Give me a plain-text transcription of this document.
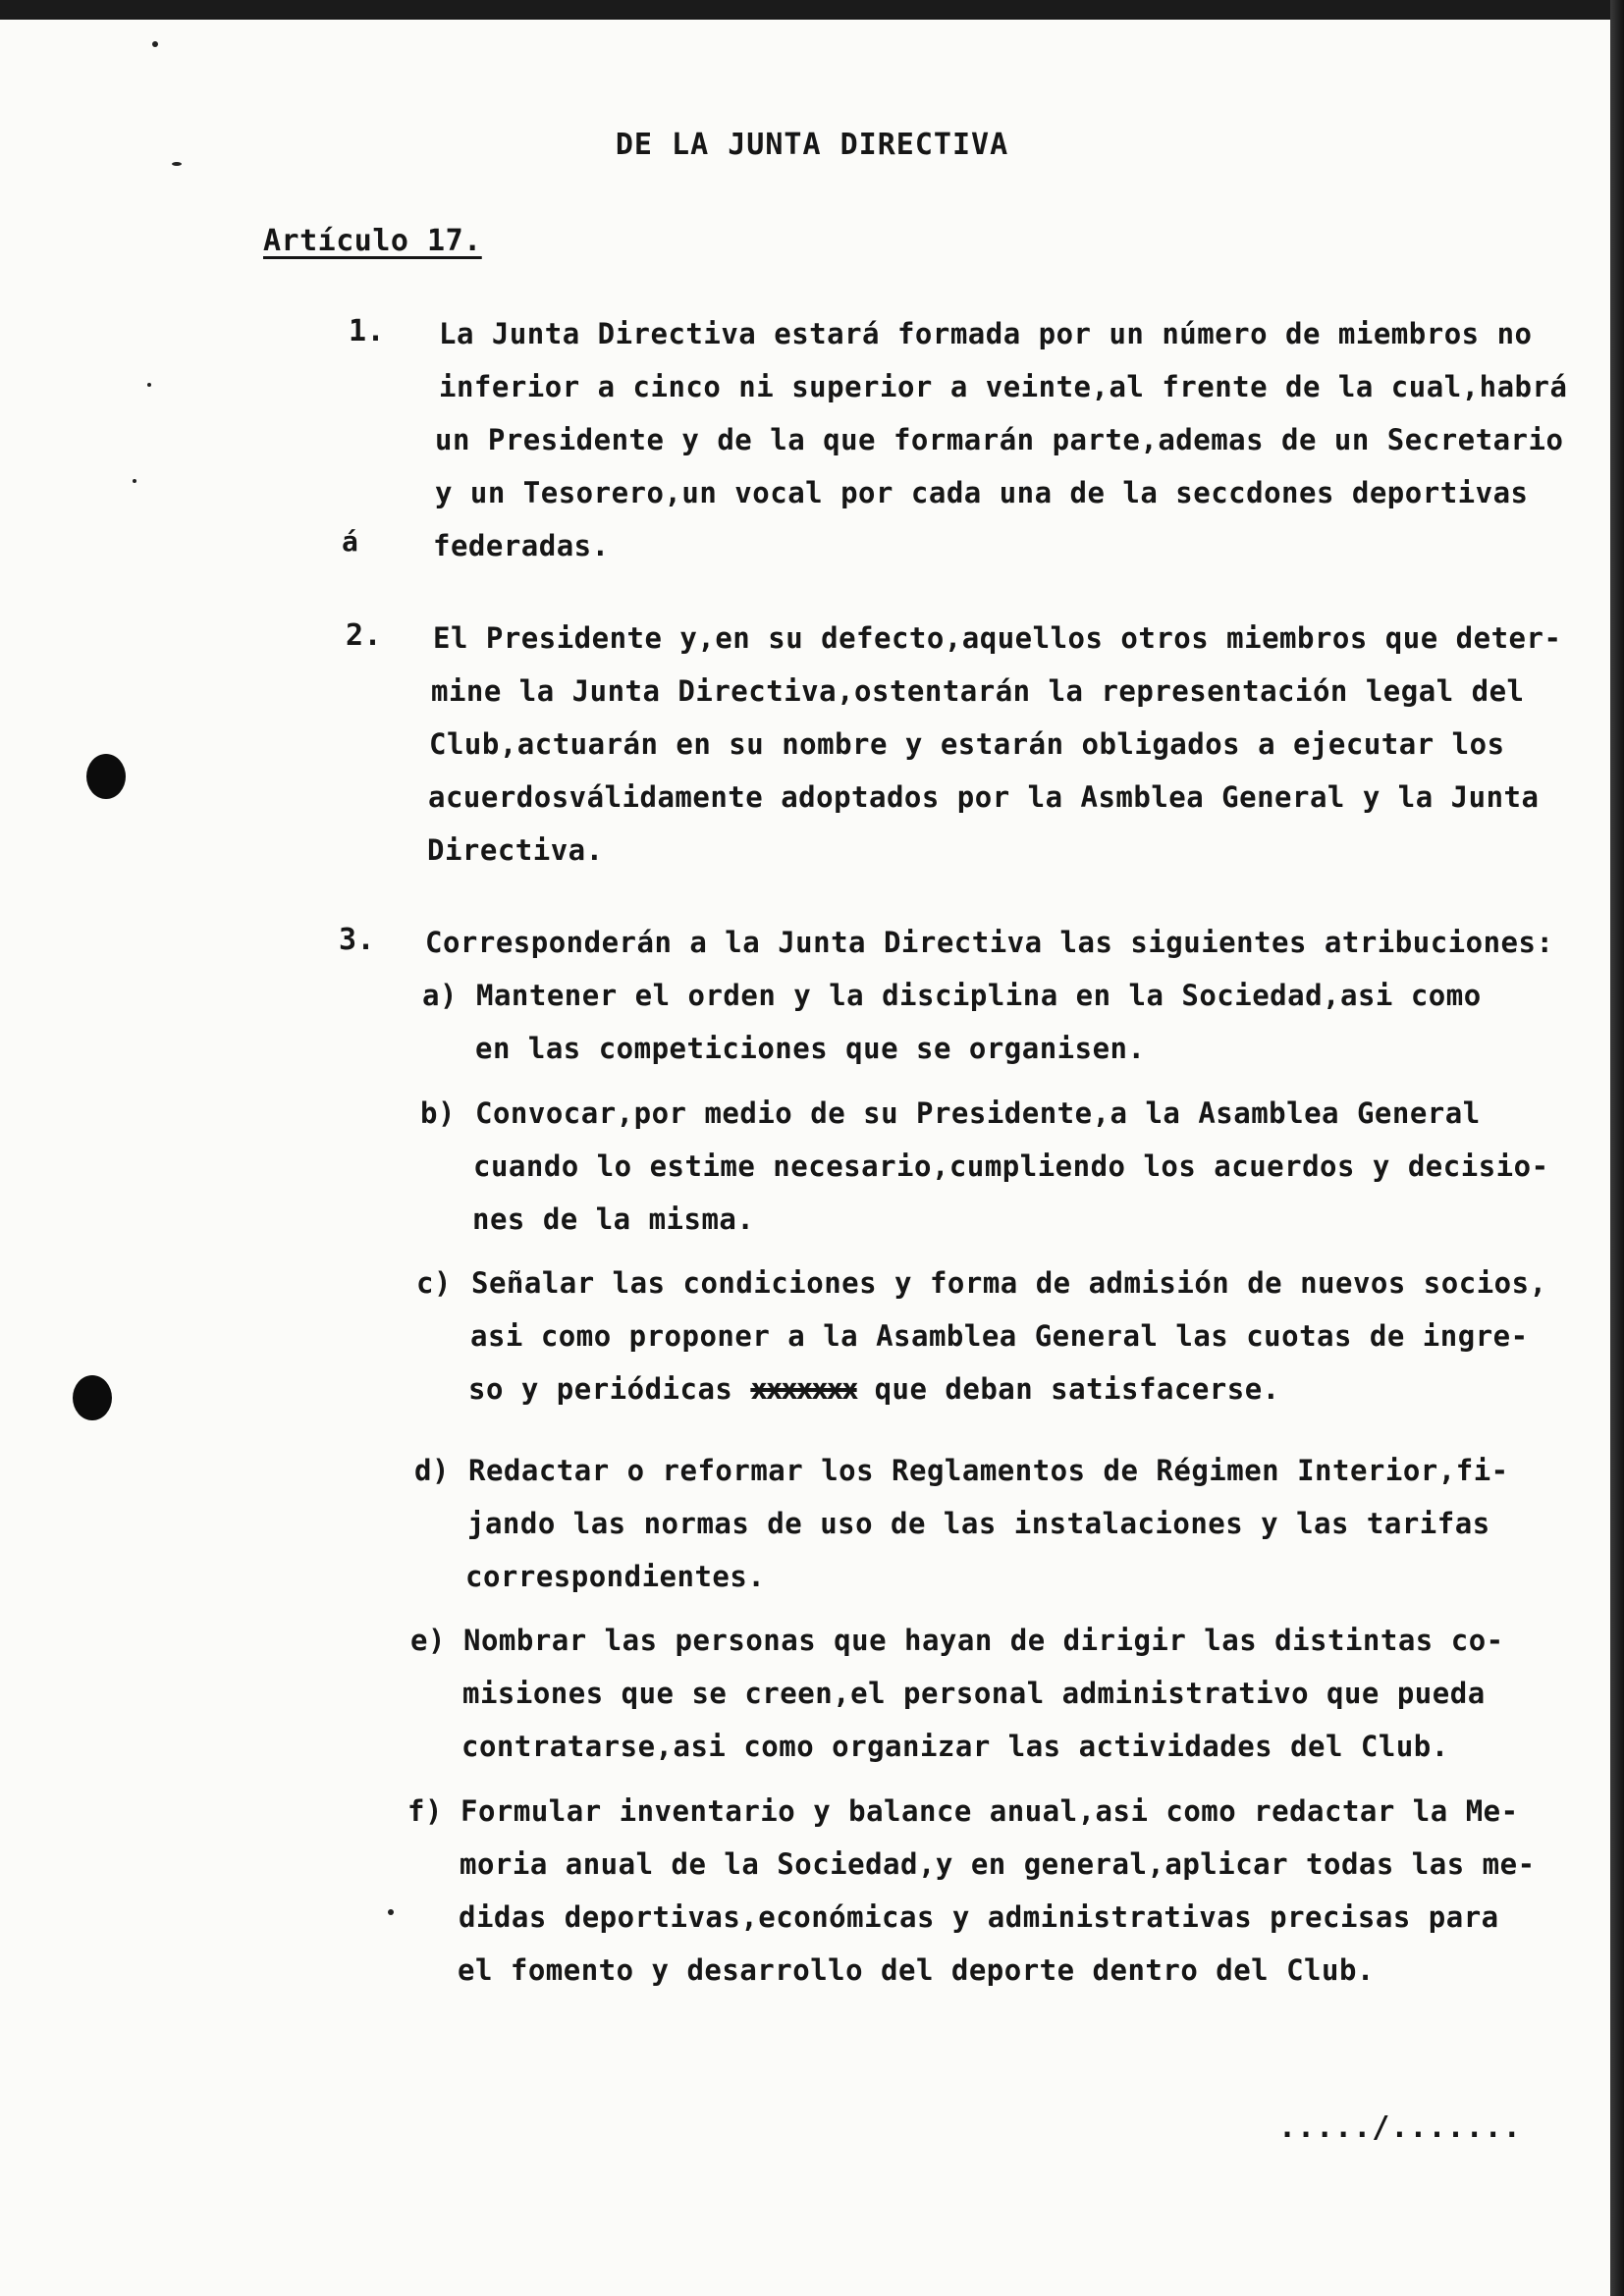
DE LA JUNTA DIRECTIVA
Artículo 17.
1. La Junta Directiva estará formada por un número de miembros no
inferior a cinco ni superior a veinte,al frente de la cual,habrá
un Presidente y de la que formarán parte,ademas de un Secretario
y un Tesorero,un vocal por cada una de la seccdones deportivas
á	federadas.
2. El Presidente y,en su defecto,aquellos otros miembros que deter-
mine la Junta Directiva,ostentarán la representación legal del
Club,actuarán en su nombre y estarán obligados a ejecutar los
acuerdosválidamente adoptados por la Asmblea General y la Junta
Directiva.
3. Corresponderán a la Junta Directiva las siguientes atribuciones:
a) Mantener el orden y la disciplina en la Sociedad,asi como
en las competiciones que se organisen.
b) Convocar,por medio de su Presidente,a la Asamblea General
cuando lo estime necesario,cumpliendo los acuerdos y decisio-
nes de la misma.
c) Señalar las condiciones y forma de admisión de nuevos socios,
asi como proponer a la Asamblea General las cuotas de ingre-
so y periódicas xxxxxxx que deban satisfacerse.
d) Redactar o reformar los Reglamentos de Régimen Interior,fi-
jando las normas de uso de las instalaciones y las tarifas
correspondientes.
e) Nombrar las personas que hayan de dirigir las distintas co-
misiones que se creen,el personal administrativo que pueda
contratarse,asi como organizar las actividades del Club.
f) Formular inventario y balance anual,asi como redactar la Me-
moria anual de la Sociedad,y en general,aplicar todas las me-
didas deportivas,económicas y administrativas precisas para
el fomento y desarrollo del deporte dentro del Club.
...../.......
